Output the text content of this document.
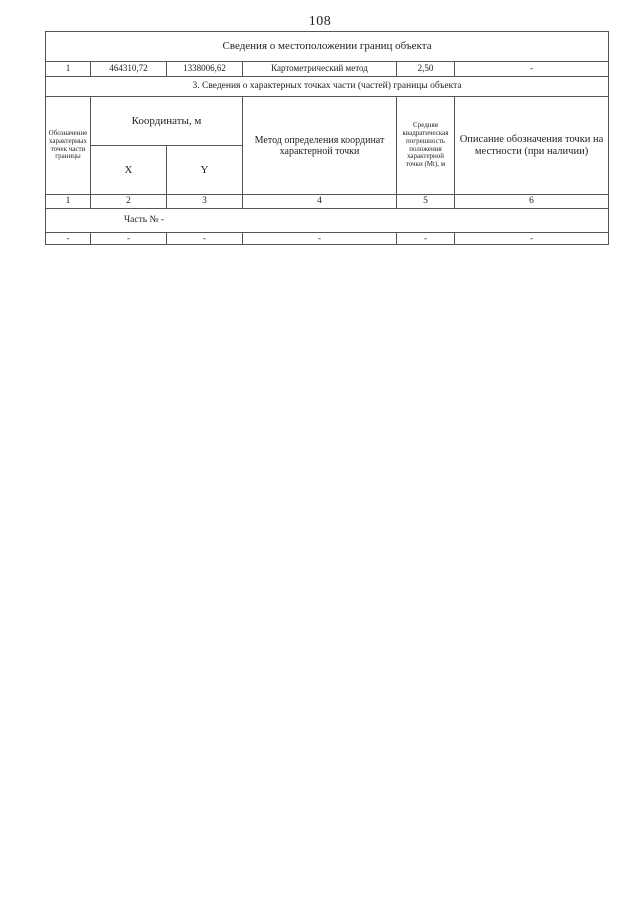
108
Сведения о местоположении границ объекта					
1	464310,72	1338006,62	Картометрический метод	2,50	-
3. Сведения о характерных точках части (частей) границы объекта					
Обозначение характерных точек части границы	Координаты, м		Метод определения координат характерной точки	Средняя квадратическая погрешность положения характерной точки (Mt), м	Описание обозначения точки на местности (при наличии)
	X	Y			
1	2	3	4	5	6
Часть № -					
-	-	-	-	-	-
